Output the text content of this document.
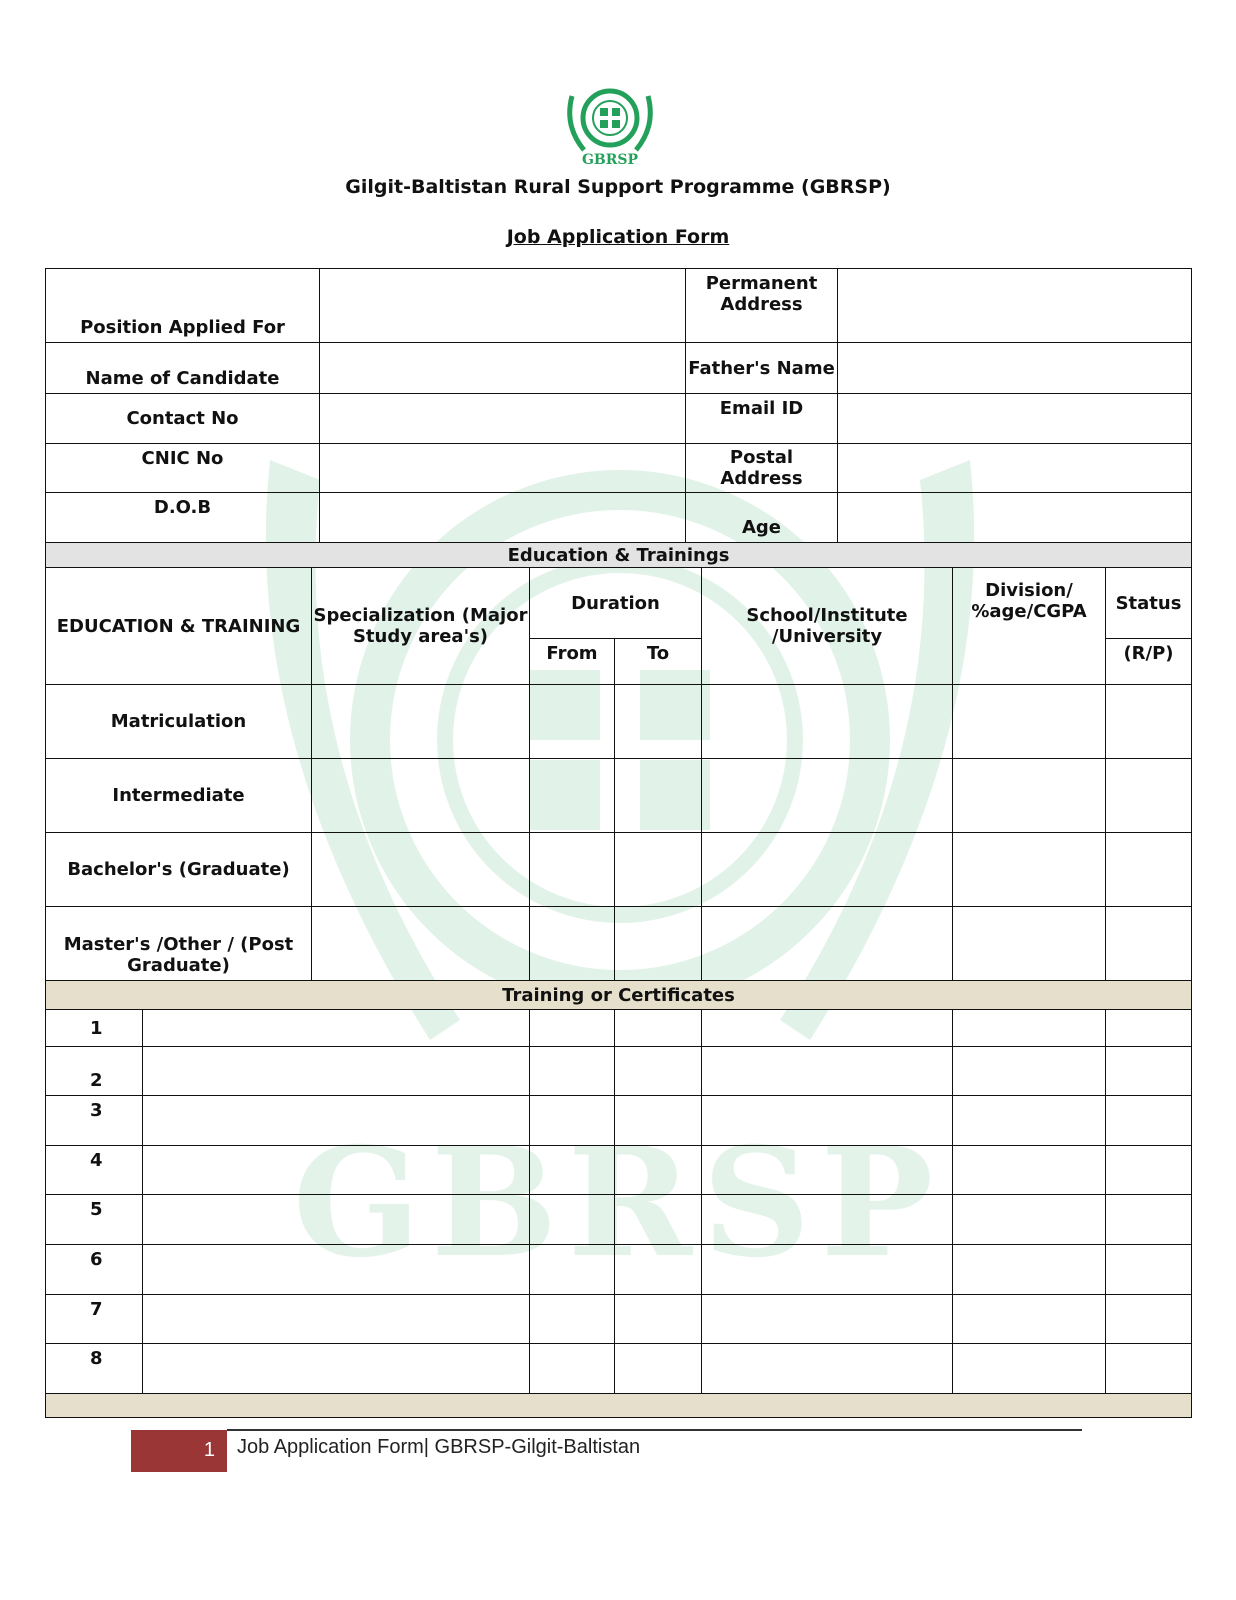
GBRSP
GBRSP
Gilgit-Baltistan Rural Support Programme (GBRSP)
Job Application Form
Position Applied For		Permanent Address	
Name of Candidate		Father's Name	
Contact No		Email ID	
CNIC No		Postal Address	
D.O.B		Age	
Education & Trainings							
EDUCATION & TRAINING		Specialization (Major Study area's)	Duration		School/Institute /University	Division/ %age/CGPA	Status
			From	To			(R/P)
Matriculation							
Intermediate							
Bachelor's (Graduate)							
Master's /Other / (Post Graduate)							
Training or Certificates							
1							
2							
3							
4							
5							
6							
7							
8							

1	Job Application Form| GBRSP-Gilgit-Baltistan
